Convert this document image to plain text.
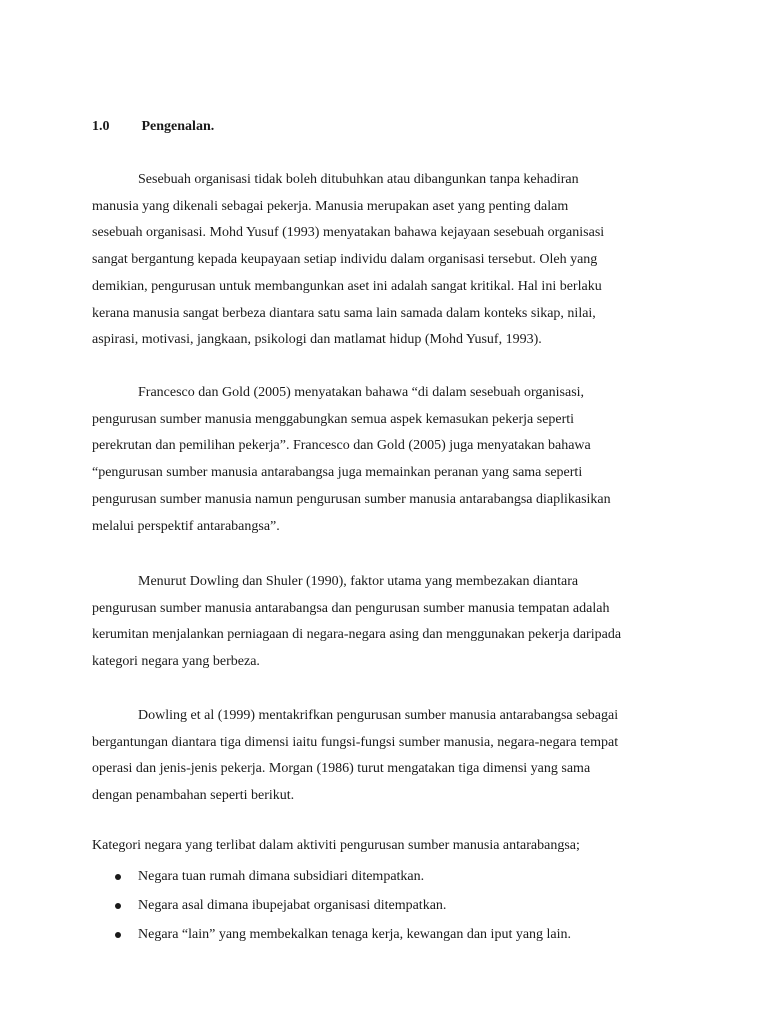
1.0 Pengenalan.
Sesebuah organisasi tidak boleh ditubuhkan atau dibangunkan tanpa kehadiran
manusia yang dikenali sebagai pekerja. Manusia merupakan aset yang penting dalam
sesebuah organisasi. Mohd Yusuf (1993) menyatakan bahawa kejayaan sesebuah organisasi
sangat bergantung kepada keupayaan setiap individu dalam organisasi tersebut. Oleh yang
demikian, pengurusan untuk membangunkan aset ini adalah sangat kritikal. Hal ini berlaku
kerana manusia sangat berbeza diantara satu sama lain samada dalam konteks sikap, nilai,
aspirasi, motivasi, jangkaan, psikologi dan matlamat hidup (Mohd Yusuf, 1993).
Francesco dan Gold (2005) menyatakan bahawa “di dalam sesebuah organisasi,
pengurusan sumber manusia menggabungkan semua aspek kemasukan pekerja seperti
perekrutan dan pemilihan pekerja”. Francesco dan Gold (2005) juga menyatakan bahawa
“pengurusan sumber manusia antarabangsa juga memainkan peranan yang sama seperti
pengurusan sumber manusia namun pengurusan sumber manusia antarabangsa diaplikasikan
melalui perspektif antarabangsa”.
Menurut Dowling dan Shuler (1990), faktor utama yang membezakan diantara
pengurusan sumber manusia antarabangsa dan pengurusan sumber manusia tempatan adalah
kerumitan menjalankan perniagaan di negara-negara asing dan menggunakan pekerja daripada
kategori negara yang berbeza.
Dowling et al (1999) mentakrifkan pengurusan sumber manusia antarabangsa sebagai
bergantungan diantara tiga dimensi iaitu fungsi-fungsi sumber manusia, negara-negara tempat
operasi dan jenis-jenis pekerja. Morgan (1986) turut mengatakan tiga dimensi yang sama
dengan penambahan seperti berikut.
Kategori negara yang terlibat dalam aktiviti pengurusan sumber manusia antarabangsa;
Negara tuan rumah dimana subsidiari ditempatkan.
Negara asal dimana ibupejabat organisasi ditempatkan.
Negara “lain” yang membekalkan tenaga kerja, kewangan dan iput yang lain.
